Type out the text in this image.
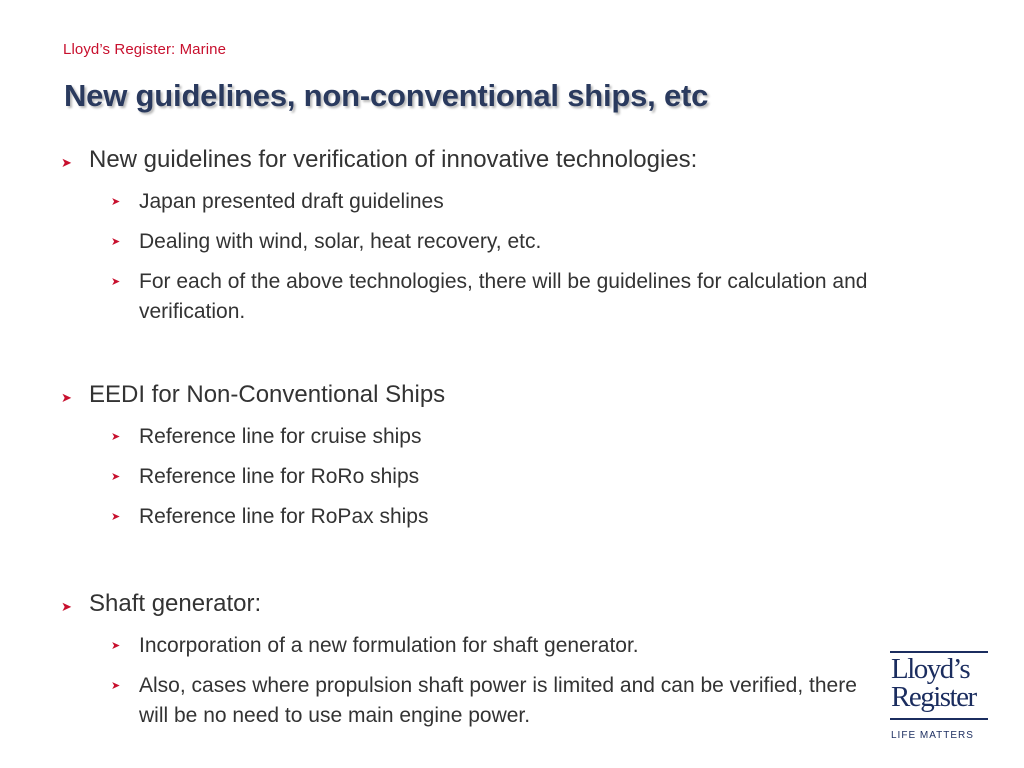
Lloyd’s Register: Marine
New guidelines, non-conventional ships, etc
➤ New guidelines for verification of innovative technologies:
➤ Japan presented draft guidelines
➤ Dealing with wind, solar, heat recovery, etc.
➤ For each of the above technologies, there will be guidelines for calculation and verification.
➤ EEDI for Non-Conventional Ships
➤ Reference line for cruise ships
➤ Reference line for RoRo ships
➤ Reference line for RoPax ships
➤ Shaft generator:
➤ Incorporation of a new formulation for shaft generator.
➤ Also, cases where propulsion shaft power is limited and can be verified, there will be no need to use main engine power.
Lloyd’s
Register
LIFE MATTERS
